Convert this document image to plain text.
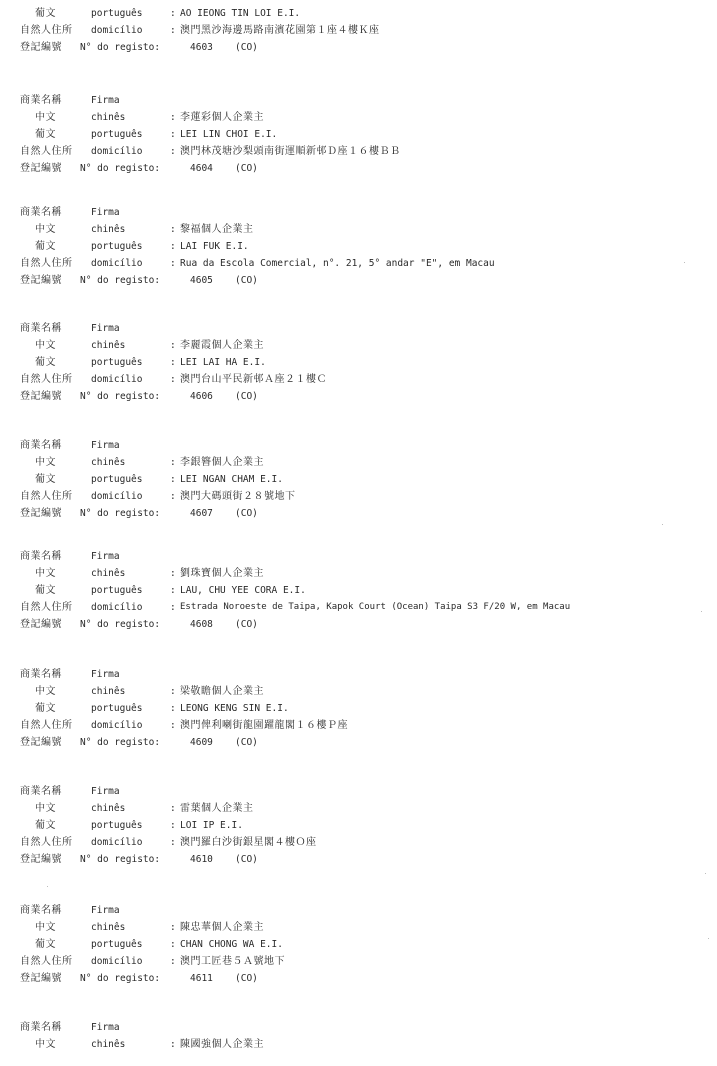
葡文	português	: AO IEONG TIN LOI E.I.
自然人住所 domicílio	: 澳門黑沙海邊馬路南濱花園第１座４樓Ｋ座
登記編號 N° do registo:	4603 (CO)
商業名稱	Firma
中文	chinês	: 李蓮彩個人企業主
葡文	português	: LEI LIN CHOI E.I.
自然人住所 domicílio	: 澳門林茂塘沙梨頭南街運順新邨Ｄ座１６樓ＢＢ
登記編號 N° do registo:	4604 (CO)
商業名稱	Firma
中文	chinês	: 黎福個人企業主
葡文	português	: LAI FUK E.I.
自然人住所 domicílio	: Rua da Escola Comercial, n°. 21, 5° andar "E", em Macau
登記編號 N° do registo:	4605 (CO)
商業名稱	Firma
中文	chinês	: 李麗霞個人企業主
葡文	português	: LEI LAI HA E.I.
自然人住所 domicílio	: 澳門台山平民新邨Ａ座２１樓Ｃ
登記編號 N° do registo:	4606 (CO)
商業名稱	Firma
中文	chinês	: 李銀簪個人企業主
葡文	português	: LEI NGAN CHAM E.I.
自然人住所 domicílio	: 澳門大碼頭街２８號地下
登記編號 N° do registo:	4607 (CO)
商業名稱	Firma
中文	chinês	: 劉珠寶個人企業主
葡文	português	: LAU, CHU YEE CORA E.I.
自然人住所 domicílio	: Estrada Noroeste de Taipa, Kapok Court (Ocean) Taipa S3 F/20 W, em Macau
登記編號 N° do registo:	4608 (CO)
商業名稱	Firma
中文	chinês	: 梁敬瞻個人企業主
葡文	português	: LEONG KENG SIN E.I.
自然人住所 domicílio	: 澳門俾利喇街龍園躍龍閣１６樓Ｐ座
登記編號 N° do registo:	4609 (CO)
商業名稱	Firma
中文	chinês	: 雷葉個人企業主
葡文	português	: LOI IP E.I.
自然人住所 domicílio	: 澳門羅白沙街銀星閣４樓Ｏ座
登記編號 N° do registo:	4610 (CO)
商業名稱	Firma
中文	chinês	: 陳忠華個人企業主
葡文	português	: CHAN CHONG WA E.I.
自然人住所 domicílio	: 澳門工匠巷５Ａ號地下
登記編號 N° do registo:	4611 (CO)
商業名稱	Firma
中文	chinês	: 陳國強個人企業主
